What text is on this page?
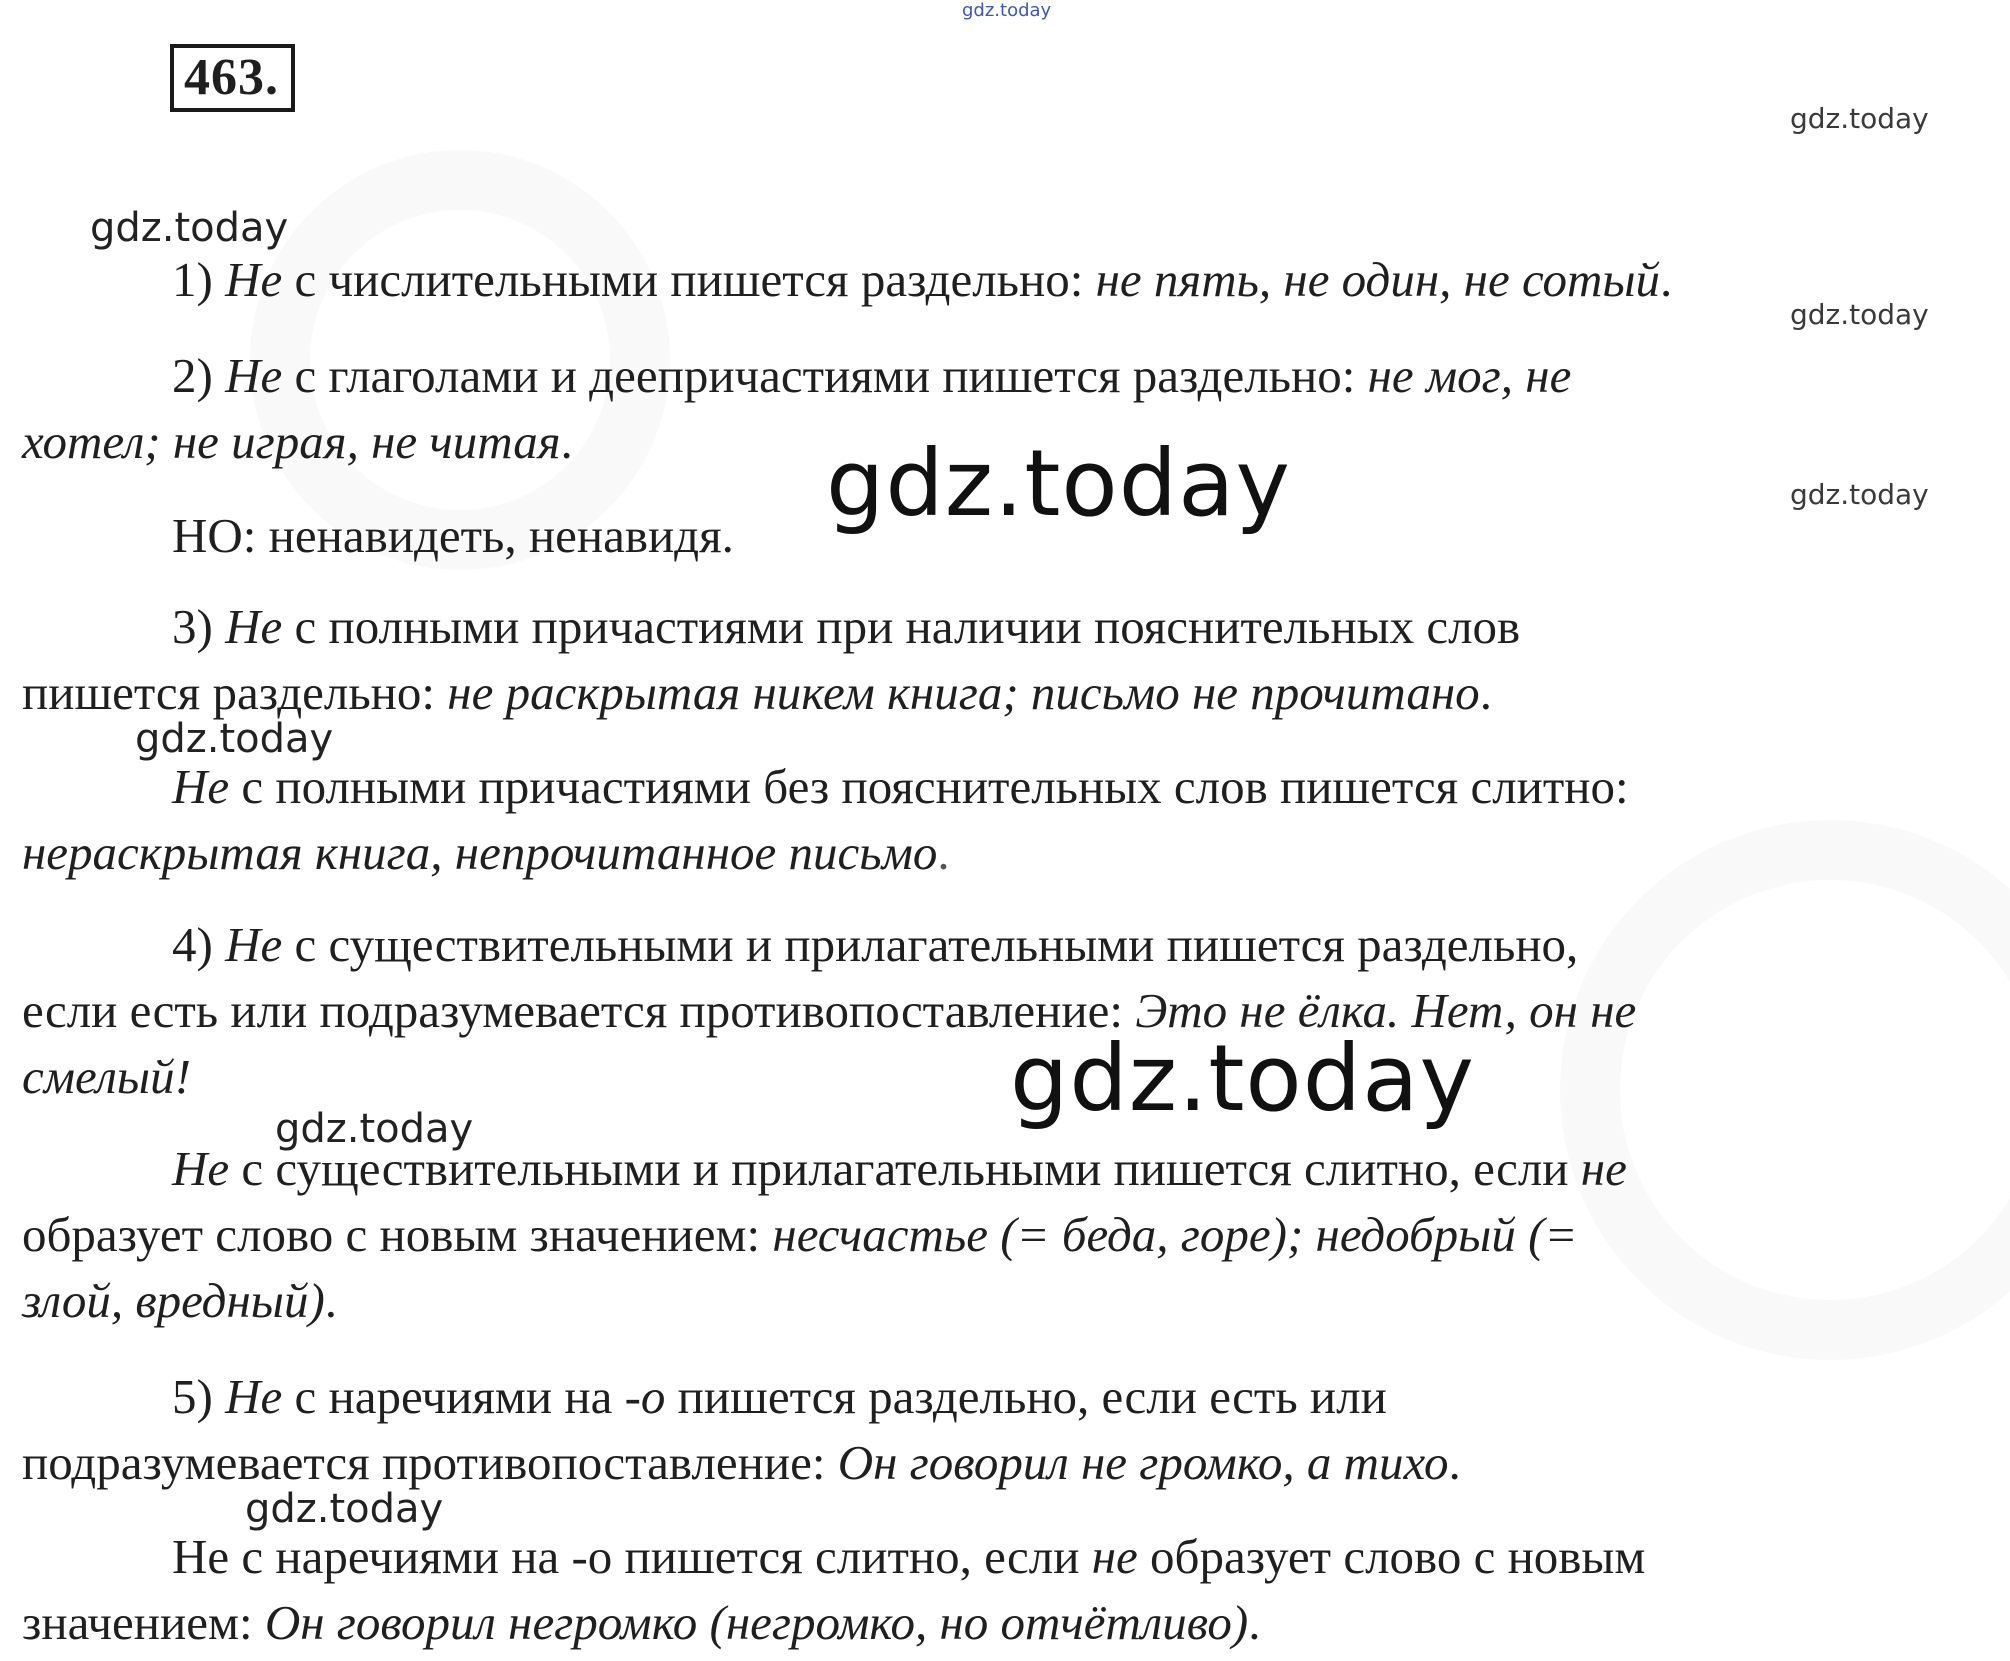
463.
gdz.today
gdz.today
gdz.today
gdz.today
gdz.today	gdz.today
gdz.today
gdz.today
gdz.today
gdz.today

1) Не с числительными пишется раздельно: не пять, не один, не сотый.

2) Не с глаголами и деепричастиями пишется раздельно: не мог, не

хотел; не играя, не читая.

НО: ненавидеть, ненавидя.

3) Не с полными причастиями при наличии пояснительных слов

пишется раздельно: не раскрытая никем книга; письмо не прочитано.

Не с полными причастиями без пояснительных слов пишется слитно:

нераскрытая книга, непрочитанное письмо.

4) Не с существительными и прилагательными пишется раздельно,

если есть или подразумевается противопоставление: Это не ёлка. Нет, он не

смелый!

Не с существительными и прилагательными пишется слитно, если не

образует слово с новым значением: несчастье (= беда, горе); недобрый (=

злой, вредный).

5) Не с наречиями на -о пишется раздельно, если есть или

подразумевается противопоставление: Он говорил не громко, а тихо.

Не с наречиями на -о пишется слитно, если не образует слово с новым

значением: Он говорил негромко (негромко, но отчётливо).
